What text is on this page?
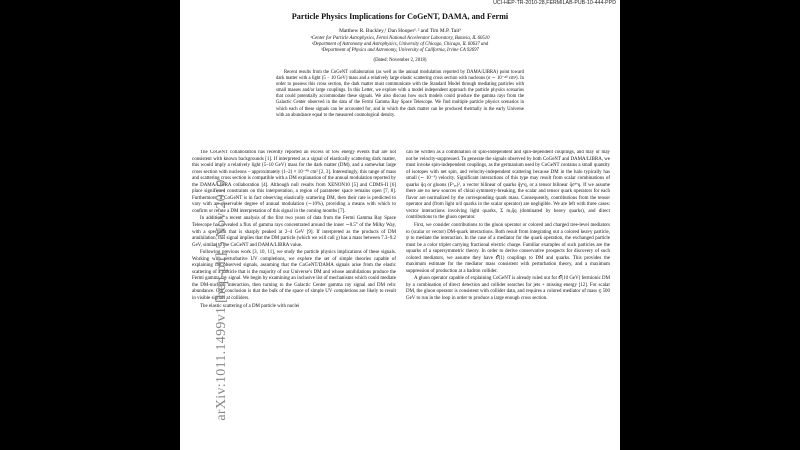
UCI-HEP-TR-2010-28,FERMILAB-PUB-10-444-PPD
Particle Physics Implications for CoGeNT, DAMA, and Fermi
Matthew R. Buckley,¹ Dan Hooper¹˒² and Tim M.P. Tait³
¹Center for Particle Astrophysics, Fermi National Accelerator Laboratory, Batavia, IL 60510
²Department of Astronomy and Astrophysics, University of Chicago, Chicago, IL 60637 and
³Department of Physics and Astronomy, University of California, Irvine CA 92697
(Dated: November 2, 2018)
Recent results from the CoGeNT collaboration (as well as the annual modulation reported by DAMA/LIBRA) point toward dark matter with a light (5 − 10 GeV) mass and a relatively large elastic scattering cross section with nucleons (σ ∼ 10⁻⁴⁰ cm²). In order to possess this cross section, the dark matter must communicate with the Standard Model through mediating particles with small masses and/or large couplings. In this Letter, we explore with a model independent approach the particle physics scenarios that could potentially accommodate these signals. We also discuss how such models could produce the gamma rays from the Galactic Center observed in the data of the Fermi Gamma Ray Space Telescope. We find multiple particle physics scenarios in which each of these signals can be accounted for, and in which the dark matter can be produced thermally in the early Universe with an abundance equal to the measured cosmological density.

The CoGeNT collaboration has recently reported an excess of low energy events that are not consistent with known backgrounds [1]. If interpreted as a signal of elastically scattering dark matter, this would imply a relatively light (5–10 GeV) mass for the dark matter (DM), and a somewhat large cross section with nucleons – approximately (1–2) × 10⁻⁴⁰ cm² [2, 3]. Interestingly, this range of mass and scattering cross section is compatible with a DM explanation of the annual modulation reported by the DAMA/LIBRA collaboration [4]. Although null results from XENON10 [5] and CDMS-II [6] place significant constraints on this interpretation, a region of parameter space remains open [7, 8]. Furthermore, if CoGeNT is in fact observing elastically scattering DM, then their rate is predicted to vary with an observable degree of annual modulation (∼10%), providing a means with which to confirm or refute a DM interpretation of this signal in the coming months [7].

In addition, a recent analysis of the first two years of data from the Fermi Gamma Ray Space Telescope has revealed a flux of gamma rays concentrated around the inner ∼0.5° of the Milky Way, with a spectrum that is sharply peaked at 2–4 GeV [9]. If interpreted as the products of DM annihilation, this signal implies that the DM particle (which we will call χ) has a mass between 7.3–9.2 GeV, similar to the CoGeNT and DAMA/LIBRA value.

Following previous work [3, 10, 11], we study the particle physics implications of these signals. Working with perturbative UV completions, we explore the set of simple theories capable of explaining the observed signals, assuming that the CoGeNT/DAMA signals arise from the elastic scattering of a particle that is the majority of our Universe’s DM and whose annihilations produce the Fermi gamma ray signal. We begin by examining an inclusive list of mechanisms which could mediate the DM-nucleon interaction, then turning to the Galactic Center gamma ray signal and DM relic abundance. Our conclusion is that the bulk of the space of simple UV completions are likely to result in visible signals at colliders.

The elastic scattering of a DM particle with nuclei

can be written as a combination of spin-independent and spin-dependent couplings, and may or may not be velocity-suppressed. To generate the signals observed by both CoGeNT and DAMA/LIBRA, we must invoke spin-independent couplings, as the germanium used by CoGeNT contains a small quantity of isotopes with net spin, and velocity-independent scattering because DM in the halo typically has small (∼ 10⁻³) velocity. Significant interactions of this type may result from scalar combinations of quarks q̄q or gluons (Fᵃᵤᵥ)², a vector bilinear of quarks q̄γᵘq, or a tensor bilinear q̄σᵘᵛq. If we assume there are no new sources of chiral symmetry-breaking, the scalar and tensor quark operators for each flavor are normalized by the corresponding quark mass. Consequently, contributions from the tensor operator and (from light u/d quarks in the scalar operator) are negligible. We are left with three cases: vector interactions involving light quarks, Σ mₐq̄q (dominated by heavy quarks), and direct contributions to the gluon operator.

First, we consider contributions to the gluon operator or colored and charged tree-level mediators to (scalar or vector) DM-quark interactions. Both result from integrating out a colored heavy particle, ψ to mediate the interaction. In the case of a mediator for the quark operation, the exchanged particle must be a color triplet carrying fractional electric charge. Familiar examples of such particles are the squarks of a supersymmetric theory. In order to derive conservative prospects for discovery of such colored mediators, we assume they have 𝒪(1) couplings to DM and quarks. This provides the maximum estimate for the mediator mass consistent with perturbation theory, and a maximum suppression of production at a hadron collider.

A gluon operator capable of explaining CoGeNT is already ruled out for 𝒪(10 GeV) fermionic DM by a combination of direct detection and collider searches for jets + missing energy [12]. For scalar DM, the gluon operator is consistent with collider data, and requires a colored mediator of mass ≲ 500 GeV to run in the loop in order to produce a large enough cross section.

arXiv:1011.1499v1 [hep-ph] 5 Nov 2010
